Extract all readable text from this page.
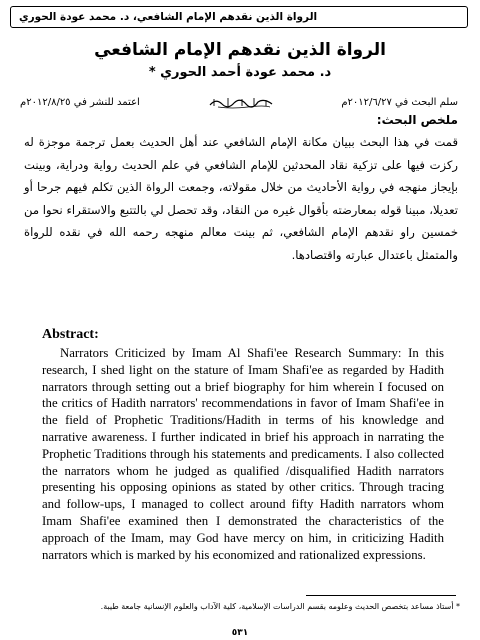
الرواة الذين نقدهم الإمام الشافعي، د. محمد عودة الحوري
الرواة الذين نقدهم الإمام الشافعي
د. محمد عودة أحمد الحوري *
سلم البحث في ٢٠١٢/٦/٢٧م
اعتمد للنشر في ٢٠١٢/٨/٢٥م
ملخص البحث:

قمت في هذا البحث ببيان مكانة الإمام الشافعي عند أهل الحديث بعمل ترجمة موجزة له ركزت فيها على تزكية نقاد المحدثين للإمام الشافعي في علم الحديث رواية ودراية، وبينت بإيجاز منهجه في رواية الأحاديث من خلال مقولاته، وجمعت الرواة الذين تكلم فيهم جرحا أو تعديلا، مبينا قوله بمعارضته بأقوال غيره من النقاد، وقد تحصل لي بالتتبع والاستقراء نحوا من خمسين راو نقدهم الإمام الشافعي، ثم بينت معالم منهجه رحمه الله في نقده للرواة والمتمثل باعتدال عبارته واقتصادها.

Abstract:

Narrators Criticized by Imam Al Shafi'ee Research Summary: In this research, I shed light on the stature of Imam Shafi'ee as regarded by Hadith narrators through setting out a brief biography for him wherein I focused on the critics of Hadith narrators' recommendations in favor of Imam Shafi'ee in the field of Prophetic Traditions/Hadith in terms of his knowledge and narrative awareness. I further indicated in brief his approach in narrating the Prophetic Traditions through his statements and predicaments. I also collected the narrators whom he judged as qualified /disqualified Hadith narrators presenting his opposing opinions as stated by other critics. Through tracing and follow-ups, I managed to collect around fifty Hadith narrators whom Imam Shafi'ee examined then I demonstrated the characteristics of the approach of the Imam, may God have mercy on him, in criticizing Hadith narrators which is marked by his economized and rationalized expressions.

* أستاذ مساعد بتخصص الحديث وعلومه بقسم الدراسات الإسلامية، كلية الآداب والعلوم الإنسانية جامعة طيبة.
٥٣١
